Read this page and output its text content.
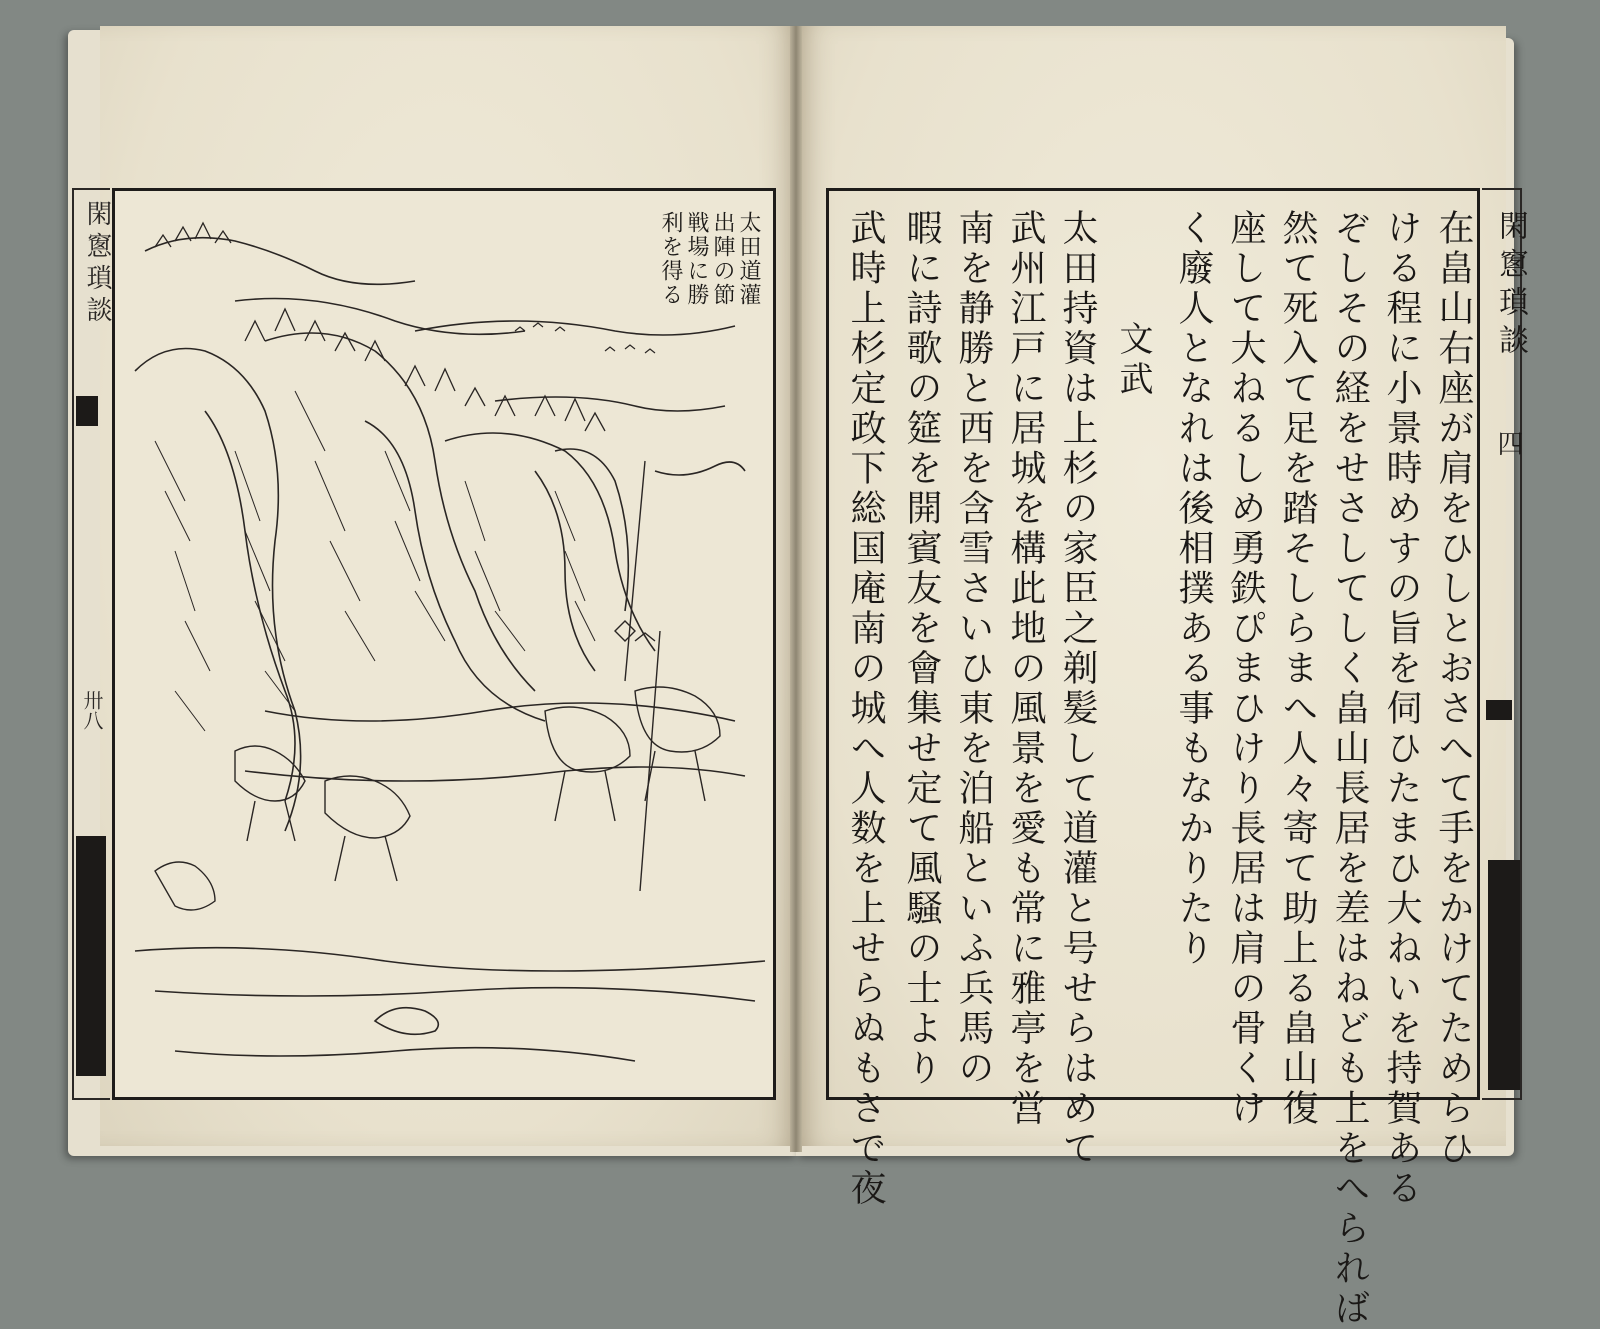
閑窻瑣談
卅八
太田道灌
出陣の節
戦場に勝
利を得る	在畠山右座が肩をひしとおさへて手をかけてためらひ
ける程に小景時めすの旨を伺ひたまひ大ねいを持賀ある
ぞしその経をせさしてしく畠山長居を差はねども上をへられば
然て死入て足を踏そしらまへ人々寄て助上る畠山復
座して大ねるしめ勇鉄ぴまひけり長居は肩の骨くけ
く廢人となれは後相撲ある事もなかりたり
文武
太田持資は上杉の家臣之剃髪して道灌と号せらはめて
武州江戸に居城を構此地の風景を愛も常に雅亭を営
南を静勝と西を含雪さいひ東を泊船といふ兵馬の
暇に詩歌の筵を開賓友を會集せ定て風騒の士より
武時上杉定政下総国庵南の城へ人数を上せらぬもさで夜	閑窻瑣談
四
